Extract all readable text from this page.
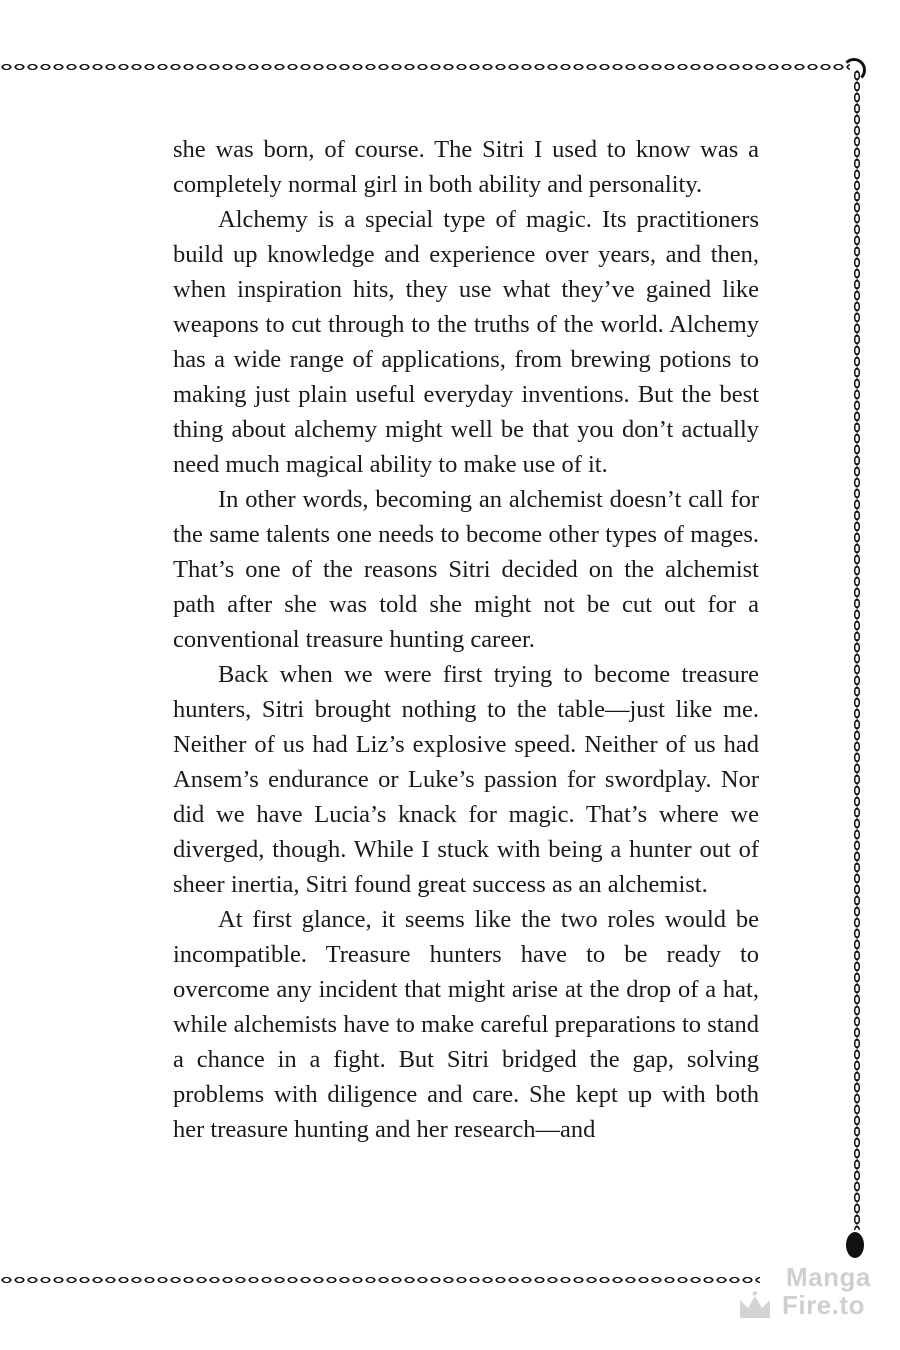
she was born, of course. The Sitri I used to know was a completely normal girl in both ability and personality.

Alchemy is a special type of magic. Its practitioners build up knowledge and experience over years, and then, when inspiration hits, they use what they’ve gained like weapons to cut through to the truths of the world. Alchemy has a wide range of applications, from brewing potions to making just plain useful everyday inventions. But the best thing about alchemy might well be that you don’t actually need much magical ability to make use of it.

In other words, becoming an alchemist doesn’t call for the same talents one needs to become other types of mages. That’s one of the reasons Sitri decided on the alchemist path after she was told she might not be cut out for a conventional treasure hunting career.

Back when we were first trying to become treasure hunters, Sitri brought nothing to the table—just like me. Neither of us had Liz’s explosive speed. Neither of us had Ansem’s endurance or Luke’s passion for swordplay. Nor did we have Lucia’s knack for magic. That’s where we diverged, though. While I stuck with being a hunter out of sheer inertia, Sitri found great success as an alchemist.

At first glance, it seems like the two roles would be incompatible. Treasure hunters have to be ready to overcome any incident that might arise at the drop of a hat, while alchemists have to make careful preparations to stand a chance in a fight. But Sitri bridged the gap, solving problems with diligence and care. She kept up with both her treasure hunting and her research—and

Manga
Fire.to
